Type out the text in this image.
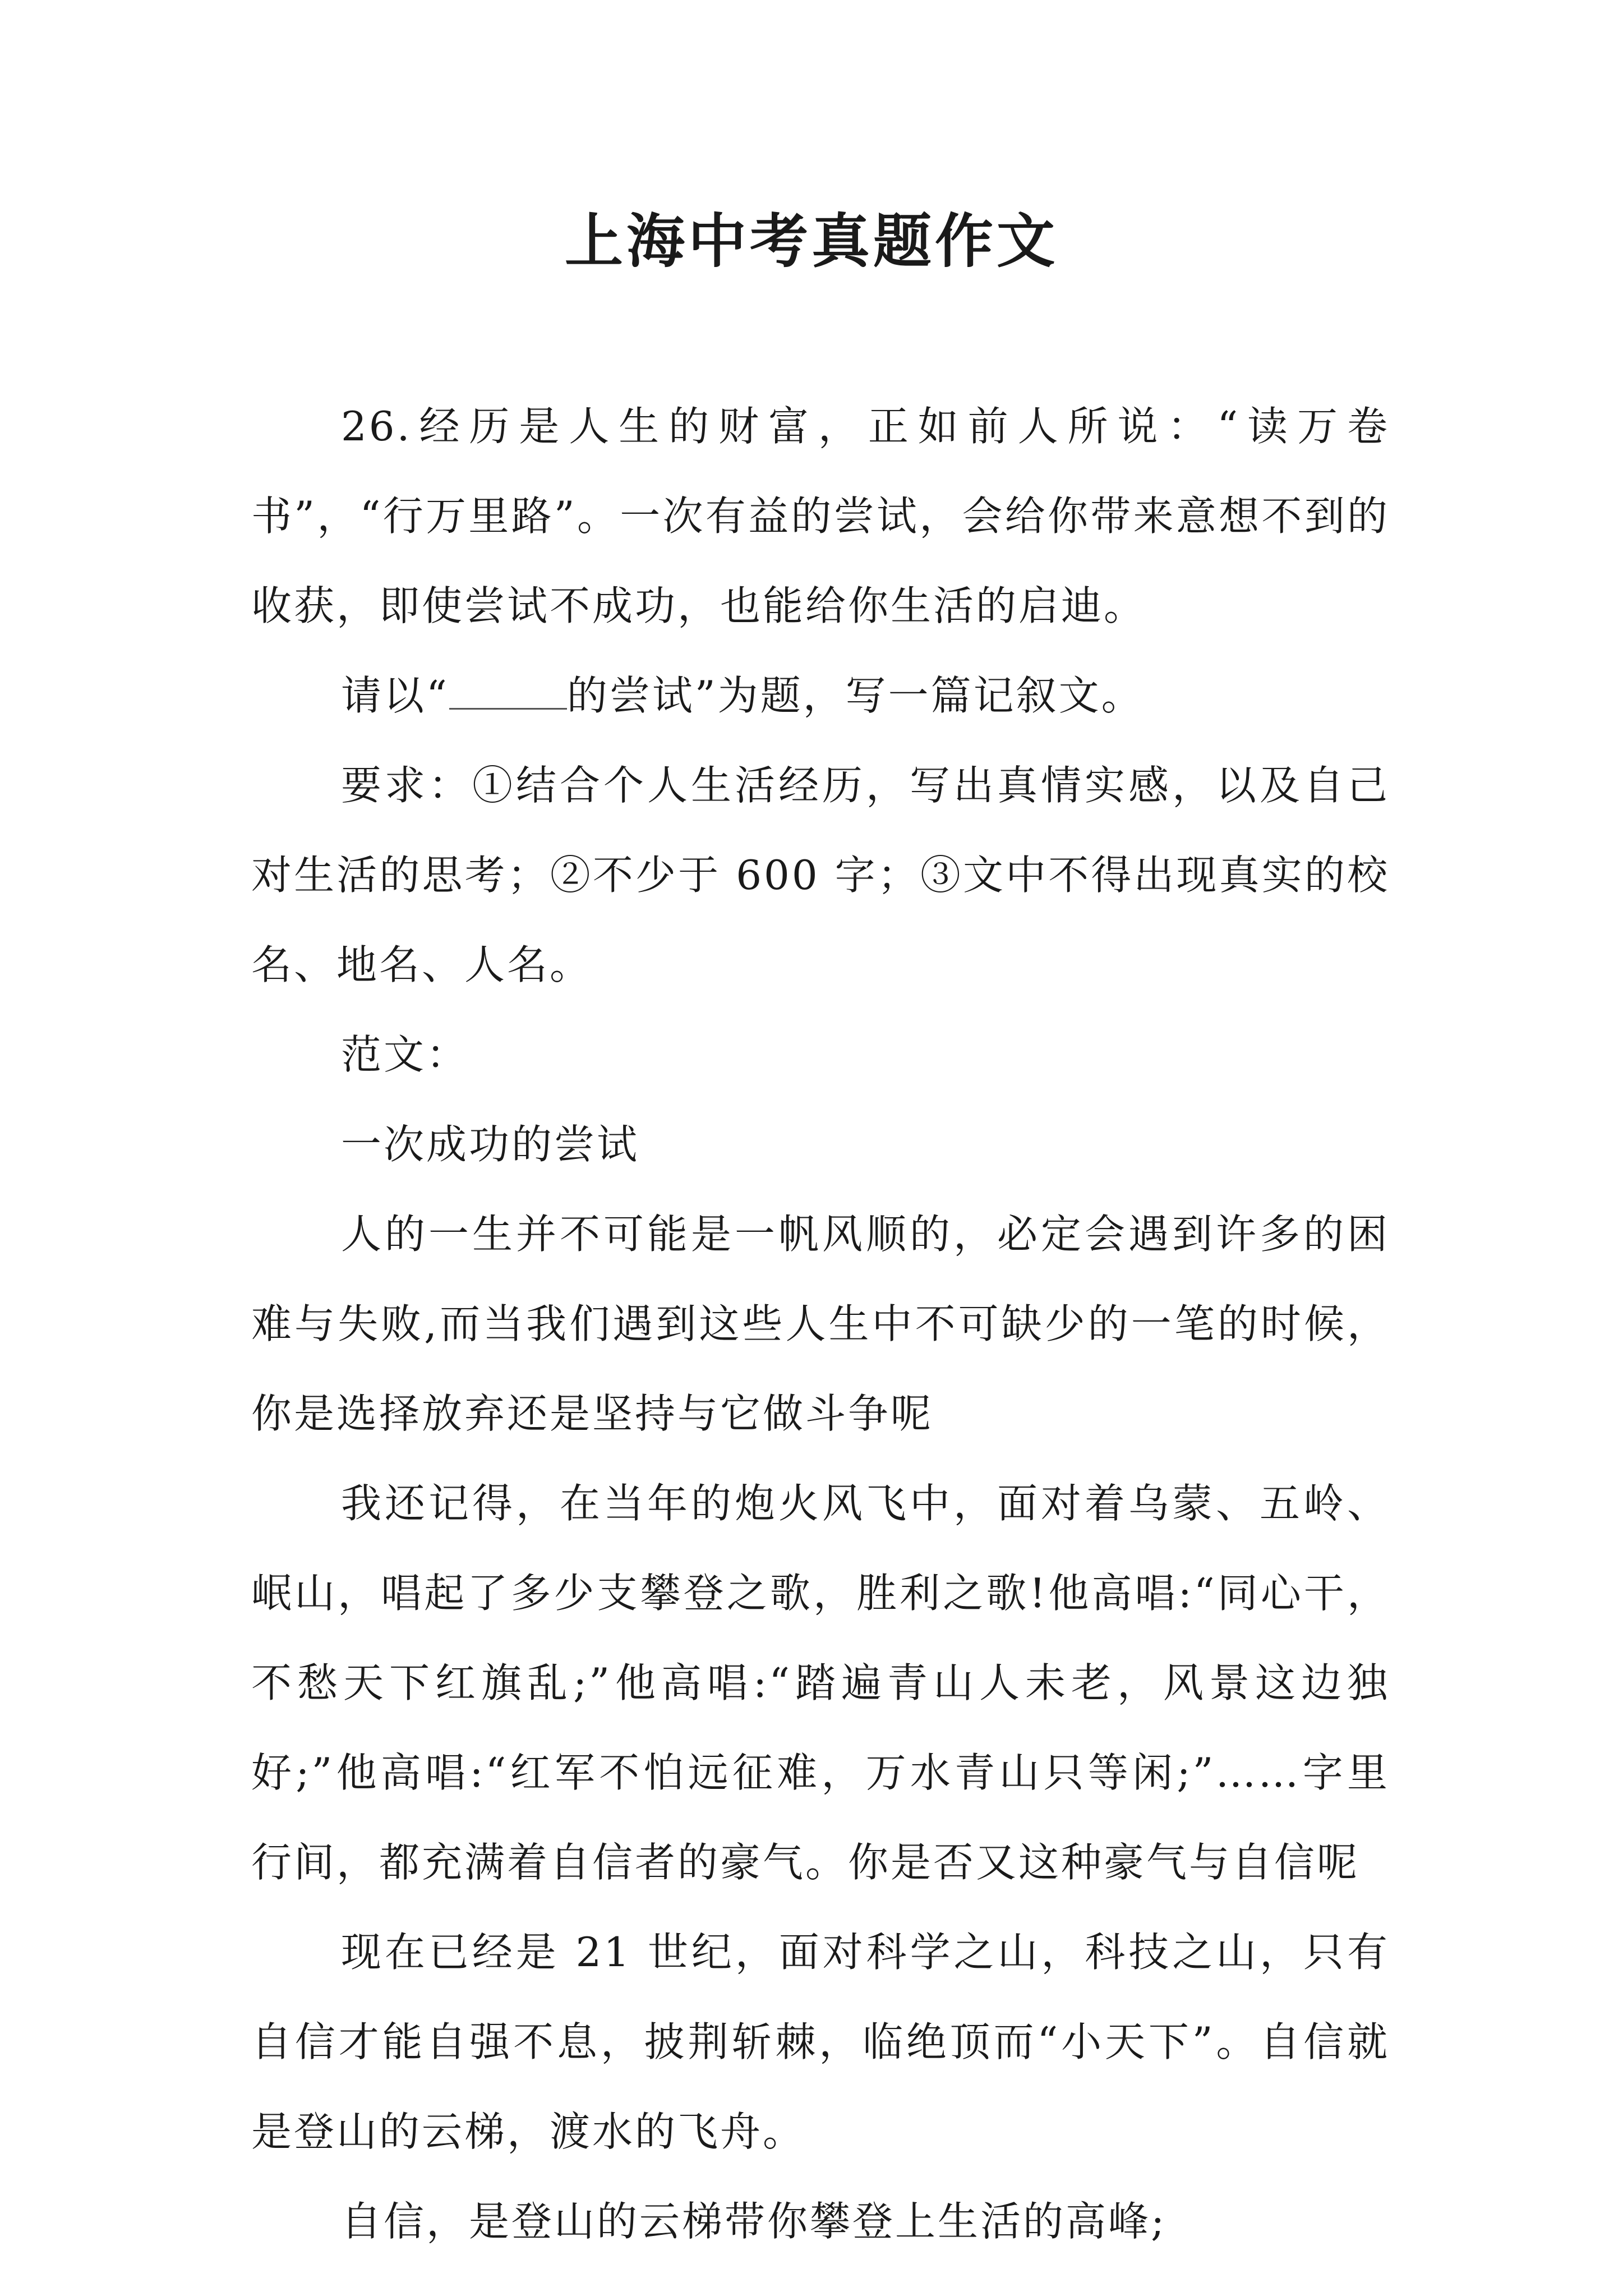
上海中考真题作文

26.经历是人生的财富，正如前人所说：“读万卷书”，“行万里路”。一次有益的尝试，会给你带来意想不到的收获，即使尝试不成功，也能给你生活的启迪。

请以“	的尝试”为题，写一篇记叙文。

要求：①结合个人生活经历，写出真情实感，以及自己对生活的思考；②不少于 600 字；③文中不得出现真实的校名、地名、人名。

范文：

一次成功的尝试

人的一生并不可能是一帆风顺的，必定会遇到许多的困难与失败,而当我们遇到这些人生中不可缺少的一笔的时候，你是选择放弃还是坚持与它做斗争呢

我还记得，在当年的炮火风飞中，面对着乌蒙、五岭、岷山，唱起了多少支攀登之歌，胜利之歌!他高唱:“同心干，不愁天下红旗乱;”他高唱:“踏遍青山人未老，风景这边独好;”他高唱:“红军不怕远征难，万水青山只等闲;”……字里行间，都充满着自信者的豪气。你是否又这种豪气与自信呢

现在已经是 21 世纪，面对科学之山，科技之山，只有自信才能自强不息，披荆斩棘，临绝顶而“小天下”。自信就是登山的云梯，渡水的飞舟。

自信，是登山的云梯带你攀登上生活的高峰;
